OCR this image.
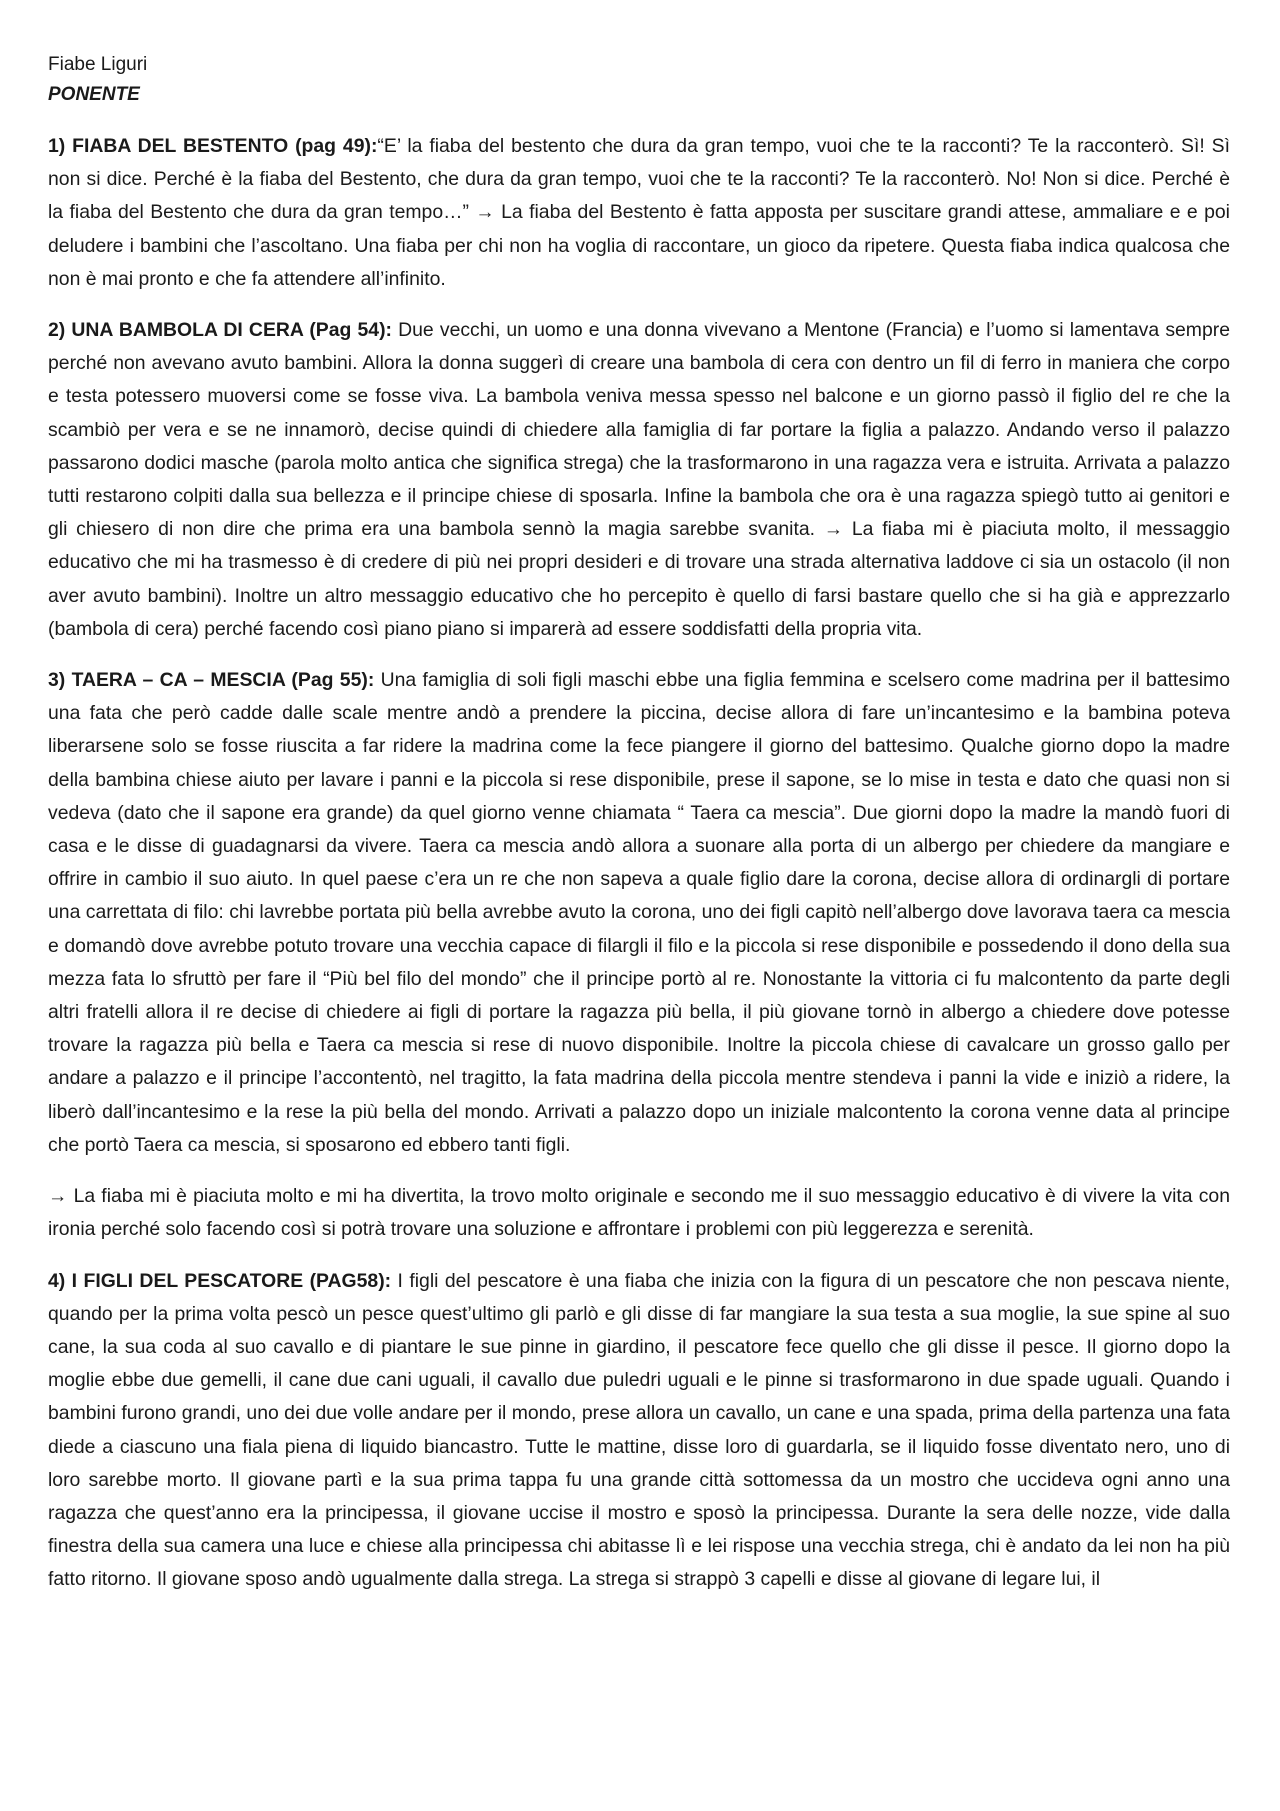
Fiabe Liguri

PONENTE

1) FIABA DEL BESTENTO (pag 49):“E’ la fiaba del bestento che dura da gran tempo, vuoi che te la racconti? Te la racconterò. Sì! Sì non si dice. Perché è la fiaba del Bestento, che dura da gran tempo, vuoi che te la racconti? Te la racconterò. No! Non si dice. Perché è la fiaba del Bestento che dura da gran tempo…” → La fiaba del Bestento è fatta apposta per suscitare grandi attese, ammaliare e e poi deludere i bambini che l’ascoltano. Una fiaba per chi non ha voglia di raccontare, un gioco da ripetere. Questa fiaba indica qualcosa che non è mai pronto e che fa attendere all’infinito.

2) UNA BAMBOLA DI CERA (Pag 54): Due vecchi, un uomo e una donna vivevano a Mentone (Francia) e l’uomo si lamentava sempre perché non avevano avuto bambini. Allora la donna suggerì di creare una bambola di cera con dentro un fil di ferro in maniera che corpo e testa potessero muoversi come se fosse viva. La bambola veniva messa spesso nel balcone e un giorno passò il figlio del re che la scambiò per vera e se ne innamorò, decise quindi di chiedere alla famiglia di far portare la figlia a palazzo. Andando verso il palazzo passarono dodici masche (parola molto antica che significa strega) che la trasformarono in una ragazza vera e istruita. Arrivata a palazzo tutti restarono colpiti dalla sua bellezza e il principe chiese di sposarla. Infine la bambola che ora è una ragazza spiegò tutto ai genitori e gli chiesero di non dire che prima era una bambola sennò la magia sarebbe svanita. → La fiaba mi è piaciuta molto, il messaggio educativo che mi ha trasmesso è di credere di più nei propri desideri e di trovare una strada alternativa laddove ci sia un ostacolo (il non aver avuto bambini). Inoltre un altro messaggio educativo che ho percepito è quello di farsi bastare quello che si ha già e apprezzarlo (bambola di cera) perché facendo così piano piano si imparerà ad essere soddisfatti della propria vita.

3) TAERA – CA – MESCIA (Pag 55): Una famiglia di soli figli maschi ebbe una figlia femmina e scelsero come madrina per il battesimo una fata che però cadde dalle scale mentre andò a prendere la piccina, decise allora di fare un’incantesimo e la bambina poteva liberarsene solo se fosse riuscita a far ridere la madrina come la fece piangere il giorno del battesimo. Qualche giorno dopo la madre della bambina chiese aiuto per lavare i panni e la piccola si rese disponibile, prese il sapone, se lo mise in testa e dato che quasi non si vedeva (dato che il sapone era grande) da quel giorno venne chiamata “ Taera ca mescia”. Due giorni dopo la madre la mandò fuori di casa e le disse di guadagnarsi da vivere. Taera ca mescia andò allora a suonare alla porta di un albergo per chiedere da mangiare e offrire in cambio il suo aiuto. In quel paese c’era un re che non sapeva a quale figlio dare la corona, decise allora di ordinargli di portare una carrettata di filo: chi lavrebbe portata più bella avrebbe avuto la corona, uno dei figli capitò nell’albergo dove lavorava taera ca mescia e domandò dove avrebbe potuto trovare una vecchia capace di filargli il filo e la piccola si rese disponibile e possedendo il dono della sua mezza fata lo sfruttò per fare il “Più bel filo del mondo” che il principe portò al re. Nonostante la vittoria ci fu malcontento da parte degli altri fratelli allora il re decise di chiedere ai figli di portare la ragazza più bella, il più giovane tornò in albergo a chiedere dove potesse trovare la ragazza più bella e Taera ca mescia si rese di nuovo disponibile. Inoltre la piccola chiese di cavalcare un grosso gallo per andare a palazzo e il principe l’accontentò, nel tragitto, la fata madrina della piccola mentre stendeva i panni la vide e iniziò a ridere, la liberò dall’incantesimo e la rese la più bella del mondo. Arrivati a palazzo dopo un iniziale malcontento la corona venne data al principe che portò Taera ca mescia, si sposarono ed ebbero tanti figli.

→ La fiaba mi è piaciuta molto e mi ha divertita, la trovo molto originale e secondo me il suo messaggio educativo è di vivere la vita con ironia perché solo facendo così si potrà trovare una soluzione e affrontare i problemi con più leggerezza e serenità.

4) I FIGLI DEL PESCATORE (PAG58): I figli del pescatore è una fiaba che inizia con la figura di un pescatore che non pescava niente, quando per la prima volta pescò un pesce quest’ultimo gli parlò e gli disse di far mangiare la sua testa a sua moglie, la sue spine al suo cane, la sua coda al suo cavallo e di piantare le sue pinne in giardino, il pescatore fece quello che gli disse il pesce. Il giorno dopo la moglie ebbe due gemelli, il cane due cani uguali, il cavallo due puledri uguali e le pinne si trasformarono in due spade uguali. Quando i bambini furono grandi, uno dei due volle andare per il mondo, prese allora un cavallo, un cane e una spada, prima della partenza una fata diede a ciascuno una fiala piena di liquido biancastro. Tutte le mattine, disse loro di guardarla, se il liquido fosse diventato nero, uno di loro sarebbe morto. Il giovane partì e la sua prima tappa fu una grande città sottomessa da un mostro che uccideva ogni anno una ragazza che quest’anno era la principessa, il giovane uccise il mostro e sposò la principessa. Durante la sera delle nozze, vide dalla finestra della sua camera una luce e chiese alla principessa chi abitasse lì e lei rispose una vecchia strega, chi è andato da lei non ha più fatto ritorno. Il giovane sposo andò ugualmente dalla strega. La strega si strappò 3 capelli e disse al giovane di legare lui, il
